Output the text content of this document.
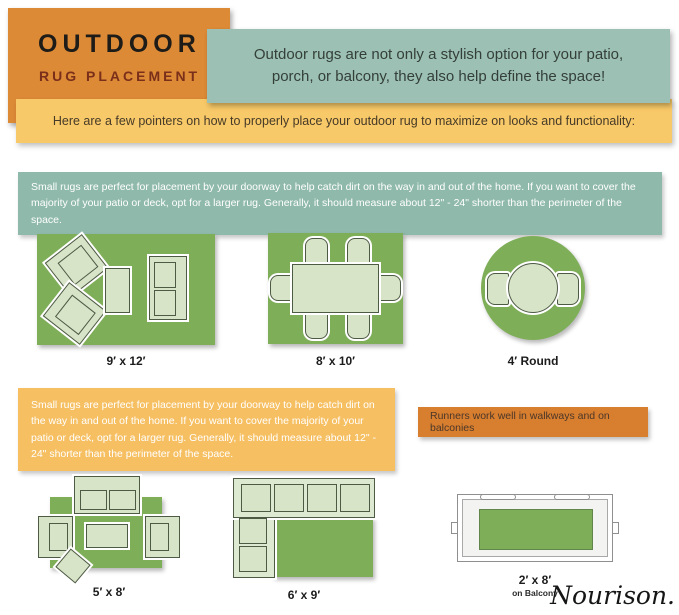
OUTDOOR
RUG PLACEMENT
Here are a few pointers on how to properly place your outdoor rug to maximize on looks and functionality:
Outdoor rugs are not only a stylish option for your patio, porch, or balcony, they also help define the space!
Small rugs are perfect for placement by your doorway to help catch dirt on the way in and out of the home. If you want to cover the majority of your patio or deck, opt for a larger rug. Generally, it should measure about 12" - 24" shorter than the perimeter of the space.
9′ x 12′	8′ x 10′	4′ Round
Small rugs are perfect for placement by your doorway to help catch dirt on the way in and out of the home. If you want to cover the majority of your patio or deck, opt for a larger rug. Generally, it should measure about 12" - 24" shorter than the perimeter of the space.
Runners work well in walkways and on balconies
5′ x 8′	6′ x 9′
2′ x 8′
on Balcony
Nourison.
